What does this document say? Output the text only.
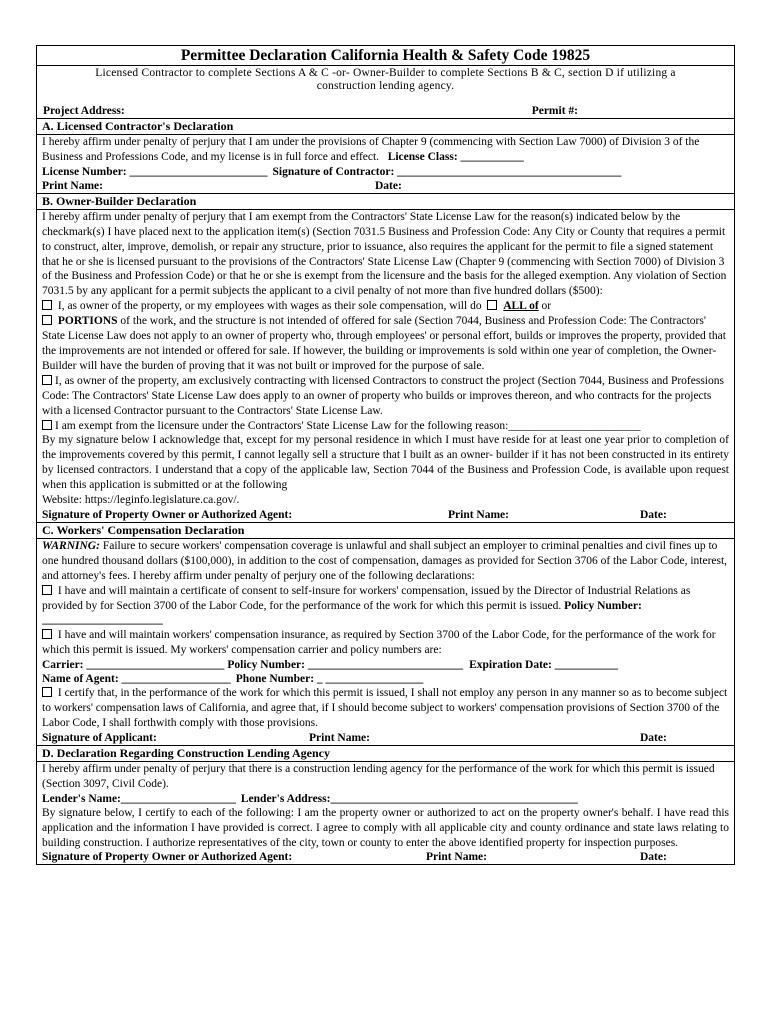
Permittee Declaration California Health & Safety Code 19825
Licensed Contractor to complete Sections A & C -or- Owner-Builder to complete Sections B & C, section D if utilizing a construction lending agency.
Project Address:	Permit #:
A. Licensed Contractor's Declaration
I hereby affirm under penalty of perjury that I am under the provisions of Chapter 9 (commencing with Section Law 7000) of Division 3 of the Business and Professions Code, and my license is in full force and effect. License Class: ___________
License Number: ________________________ Signature of Contractor: _______________________________________
Print Name:	Date:
B. Owner-Builder Declaration
I hereby affirm under penalty of perjury that I am exempt from the Contractors' State License Law for the reason(s) indicated below by the checkmark(s) I have placed next to the application item(s) (Section 7031.5 Business and Profession Code: Any City or County that requires a permit to construct, alter, improve, demolish, or repair any structure, prior to issuance, also requires the applicant for the permit to file a signed statement that he or she is licensed pursuant to the provisions of the Contractors' State License Law (Chapter 9 (commencing with Section 7000) of Division 3 of the Business and Profession Code) or that he or she is exempt from the licensure and the basis for the alleged exemption. Any violation of Section 7031.5 by any applicant for a permit subjects the applicant to a civil penalty of not more than five hundred dollars ($500):
I, as owner of the property, or my employees with wages as their sole compensation, will do ALL of or
PORTIONS of the work, and the structure is not intended of offered for sale (Section 7044, Business and Profession Code: The Contractors' State License Law does not apply to an owner of property who, through employees' or personal effort, builds or improves the property, provided that the improvements are not intended or offered for sale. If however, the building or improvements is sold within one year of completion, the Owner-Builder will have the burden of proving that it was not built or improved for the purpose of sale.
I, as owner of the property, am exclusively contracting with licensed Contractors to construct the project (Section 7044, Business and Professions Code: The Contractors' State License Law does apply to an owner of property who builds or improves thereon, and who contracts for the projects with a licensed Contractor pursuant to the Contractors' State License Law.
I am exempt from the licensure under the Contractors' State License Law for the following reason:_______________________
By my signature below I acknowledge that, except for my personal residence in which I must have reside for at least one year prior to completion of the improvements covered by this permit, I cannot legally sell a structure that I built as an owner- builder if it has not been constructed in its entirety by licensed contractors. I understand that a copy of the applicable law, Section 7044 of the Business and Profession Code, is available upon request when this application is submitted or at the following
Website: https://leginfo.legislature.ca.gov/.
Signature of Property Owner or Authorized Agent:	Print Name:	Date:
C. Workers' Compensation Declaration
WARNING: Failure to secure workers' compensation coverage is unlawful and shall subject an employer to criminal penalties and civil fines up to one hundred thousand dollars ($100,000), in addition to the cost of compensation, damages as provided for Section 3706 of the Labor Code, interest, and attorney's fees. I hereby affirm under penalty of perjury one of the following declarations:
I have and will maintain a certificate of consent to self-insure for workers' compensation, issued by the Director of Industrial Relations as provided by for Section 3700 of the Labor Code, for the performance of the work for which this permit is issued. Policy Number: _____________________
I have and will maintain workers' compensation insurance, as required by Section 3700 of the Labor Code, for the performance of the work for which this permit is issued. My workers' compensation carrier and policy numbers are:
Carrier: ________________________ Policy Number: ___________________________ Expiration Date: ___________
Name of Agent: ___________________ Phone Number: _ _________________
I certify that, in the performance of the work for which this permit is issued, I shall not employ any person in any manner so as to become subject to workers' compensation laws of California, and agree that, if I should become subject to workers' compensation provisions of Section 3700 of the Labor Code, I shall forthwith comply with those provisions.
Signature of Applicant:	Print Name:	Date:
D. Declaration Regarding Construction Lending Agency
I hereby affirm under penalty of perjury that there is a construction lending agency for the performance of the work for which this permit is issued (Section 3097, Civil Code).
Lender's Name:____________________ Lender's Address:___________________________________________
By signature below, I certify to each of the following: I am the property owner or authorized to act on the property owner's behalf. I have read this application and the information I have provided is correct. I agree to comply with all applicable city and county ordinance and state laws relating to building construction. I authorize representatives of the city, town or county to enter the above identified property for inspection purposes.
Signature of Property Owner or Authorized Agent:	Print Name:	Date:
